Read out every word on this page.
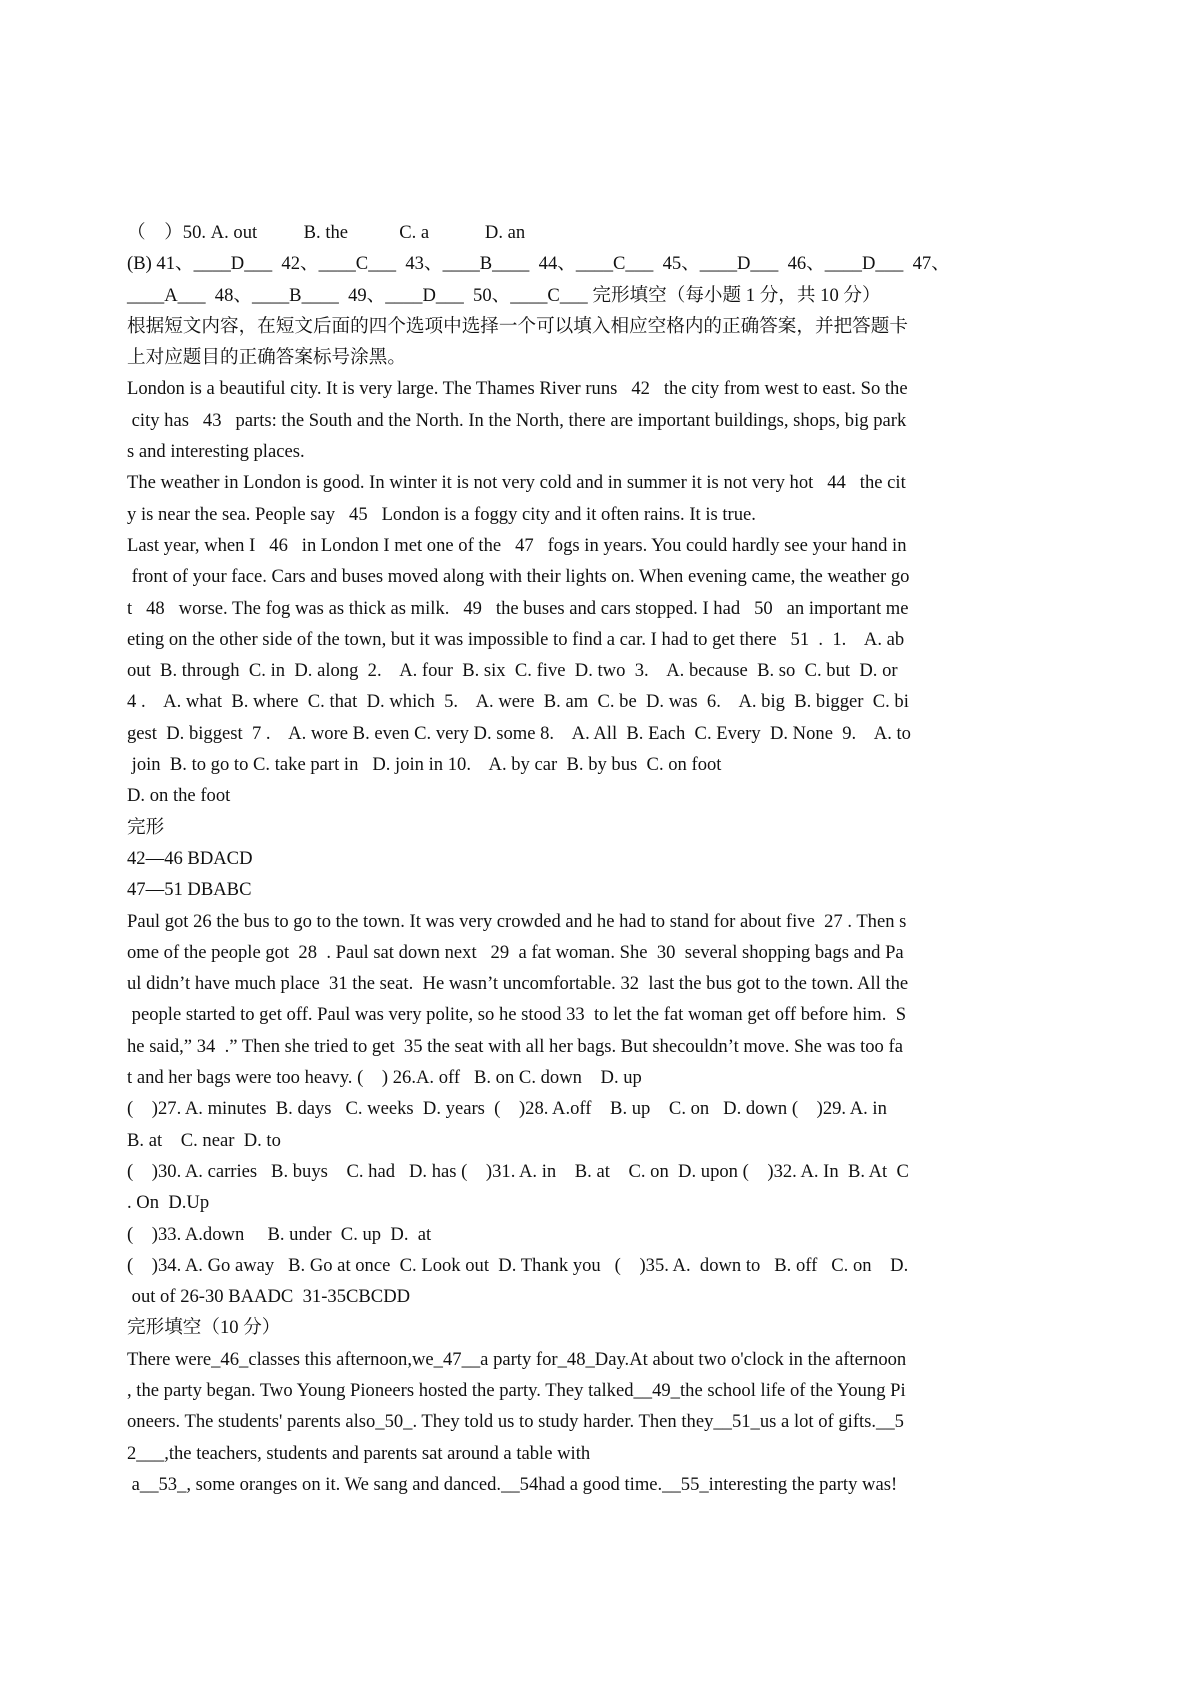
（    ）50. A. out          B. the           C. a            D. an
(B) 41、____D___  42、____C___  43、____B____  44、____C___  45、____D___  46、____D___  47、
____A___  48、____B____  49、____D___  50、____C___ 完形填空（每小题 1 分，共 10 分）
根据短文内容，在短文后面的四个选项中选择一个可以填入相应空格内的正确答案，并把答题卡
上对应题目的正确答案标号涂黑。
London is a beautiful city. It is very large. The Thames River runs   42   the city from west to east. So the
city has   43   parts: the South and the North. In the North, there are important buildings, shops, big park
s and interesting places.
The weather in London is good. In winter it is not very cold and in summer it is not very hot   44   the cit
y is near the sea. People say   45   London is a foggy city and it often rains. It is true.
Last year, when I   46   in London I met one of the   47   fogs in years. You could hardly see your hand in
front of your face. Cars and buses moved along with their lights on. When evening came, the weather go
t   48   worse. The fog was as thick as milk.   49   the buses and cars stopped. I had   50   an important me
eting on the other side of the town, but it was impossible to find a car. I had to get there   51  .  1.    A. ab
out  B. through  C. in  D. along  2.    A. four  B. six  C. five  D. two  3.    A. because  B. so  C. but  D. or
4 .    A. what  B. where  C. that  D. which  5.    A. were  B. am  C. be  D. was  6.    A. big  B. bigger  C. bi
gest  D. biggest  7 .    A. wore B. even C. very D. some 8.    A. All  B. Each  C. Every  D. None  9.    A. to
join  B. to go to C. take part in   D. join in 10.    A. by car  B. by bus  C. on foot
D. on the foot
完形
42—46 BDACD
47—51 DBABC
Paul got 26 the bus to go to the town. It was very crowded and he had to stand for about five  27 . Then s
ome of the people got  28  . Paul sat down next   29  a fat woman. She  30  several shopping bags and Pa
ul didn’t have much place  31 the seat.  He wasn’t uncomfortable. 32  last the bus got to the town. All the
people started to get off. Paul was very polite, so he stood 33  to let the fat woman get off before him.  S
he said,” 34  .” Then she tried to get  35 the seat with all her bags. But shecouldn’t move. She was too fa
t and her bags were too heavy. (    ) 26.A. off   B. on C. down    D. up
(    )27. A. minutes  B. days   C. weeks  D. years  (    )28. A.off    B. up    C. on   D. down (    )29. A. in
B. at    C. near  D. to
(    )30. A. carries   B. buys    C. had   D. has (    )31. A. in    B. at    C. on  D. upon (    )32. A. In  B. At  C
. On  D.Up
(    )33. A.down     B. under  C. up  D.  at
(    )34. A. Go away   B. Go at once  C. Look out  D. Thank you   (    )35. A.  down to   B. off   C. on    D.
out of 26-30 BAADC  31-35CBCDD
完形填空（10 分）
There were_46_classes this afternoon,we_47__a party for_48_Day.At about two o'clock in the afternoon
, the party began. Two Young Pioneers hosted the party. They talked__49_the school life of the Young Pi
oneers. The students' parents also_50_. They told us to study harder. Then they__51_us a lot of gifts.__5
2___,the teachers, students and parents sat around a table with
a__53_, some oranges on it. We sang and danced.__54had a good time.__55_interesting the party was!
